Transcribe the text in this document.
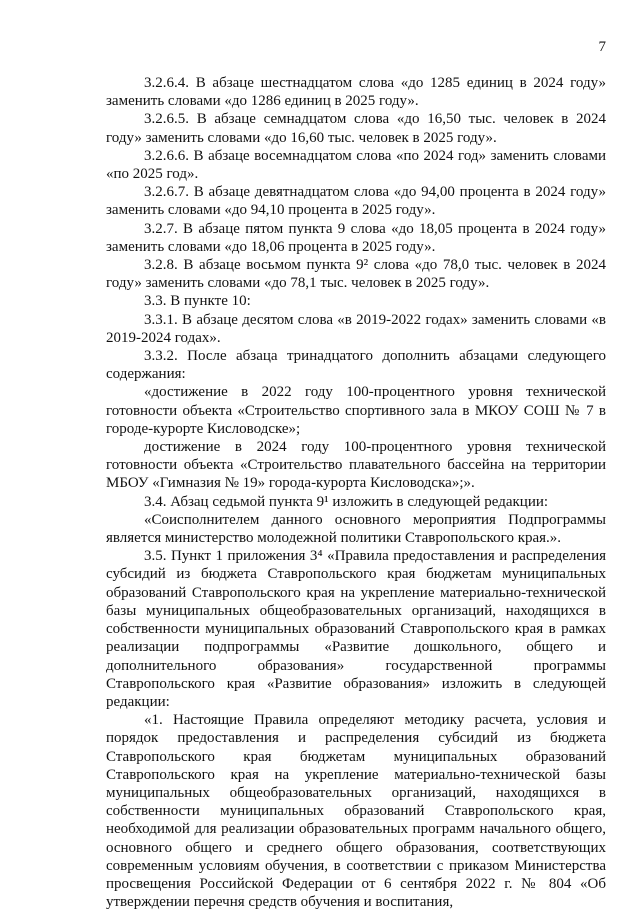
7

3.2.6.4. В абзаце шестнадцатом слова «до 1285 единиц в 2024 году» заменить словами «до 1286 единиц в 2025 году».

3.2.6.5. В абзаце семнадцатом слова «до 16,50 тыс. человек в 2024 году» заменить словами «до 16,60 тыс. человек в 2025 году».

3.2.6.6. В абзаце восемнадцатом слова «по 2024 год» заменить словами «по 2025 год».

3.2.6.7. В абзаце девятнадцатом слова «до 94,00 процента в 2024 году» заменить словами «до 94,10 процента в 2025 году».

3.2.7. В абзаце пятом пункта 9 слова «до 18,05 процента в 2024 году» заменить словами «до 18,06 процента в 2025 году».

3.2.8. В абзаце восьмом пункта 9² слова «до 78,0 тыс. человек в 2024 году» заменить словами «до 78,1 тыс. человек в 2025 году».

3.3. В пункте 10:

3.3.1. В абзаце десятом слова «в 2019-2022 годах» заменить словами «в 2019-2024 годах».

3.3.2. После абзаца тринадцатого дополнить абзацами следующего содержания:

«достижение в 2022 году 100-процентного уровня технической готовности объекта «Строительство спортивного зала в МКОУ СОШ № 7 в городе-курорте Кисловодске»;

достижение в 2024 году 100-процентного уровня технической готовности объекта «Строительство плавательного бассейна на территории МБОУ «Гимназия № 19» города-курорта Кисловодска»;».

3.4. Абзац седьмой пункта 9¹ изложить в следующей редакции:

«Соисполнителем данного основного мероприятия Подпрограммы является министерство молодежной политики Ставропольского края.».

3.5. Пункт 1 приложения 3⁴ «Правила предоставления и распределения субсидий из бюджета Ставропольского края бюджетам муниципальных образований Ставропольского края на укрепление материально-технической базы муниципальных общеобразовательных организаций, находящихся в собственности муниципальных образований Ставропольского края в рамках реализации подпрограммы «Развитие дошкольного, общего и дополнительного образования» государственной программы Ставропольского края «Развитие образования» изложить в следующей редакции:

«1. Настоящие Правила определяют методику расчета, условия и порядок предоставления и распределения субсидий из бюджета Ставропольского края бюджетам муниципальных образований Ставропольского края на укрепление материально-технической базы муниципальных общеобразовательных организаций, находящихся в собственности муниципальных образований Ставропольского края, необходимой для реализации образовательных программ начального общего, основного общего и среднего общего образования, соответствующих современным условиям обучения, в соответствии с приказом Министерства просвещения Российской Федерации от 6 сентября 2022 г. № 804 «Об утверждении перечня средств обучения и воспитания,
